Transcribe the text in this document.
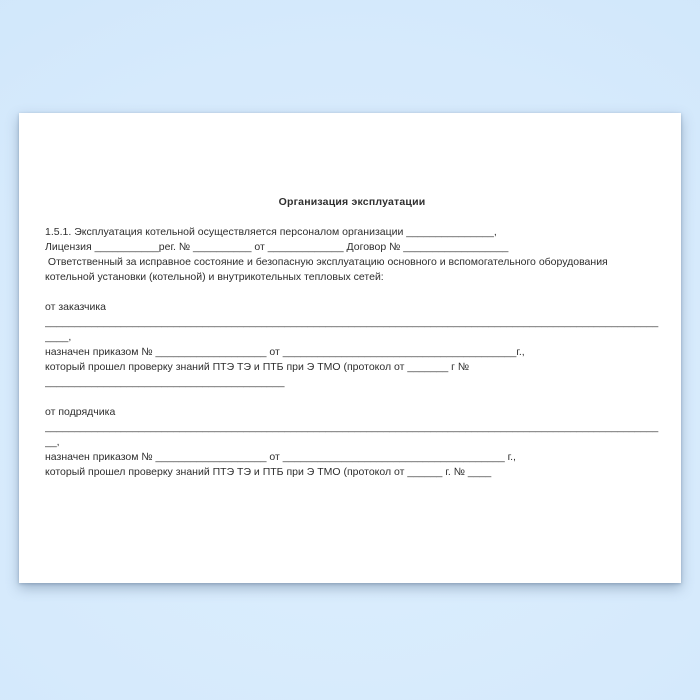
Организация эксплуатации
1.5.1. Эксплуатация котельной осуществляется персоналом организации _______________,
Лицензия ___________рег. № __________ от _____________ Договор № __________________
Ответственный за исправное состояние и безопасную эксплуатацию основного и вспомогательного оборудования
котельной установки (котельной) и внутрикотельных тепловых сетей:
от заказчика
_________________________________________________________________________________________________________
____,
назначен приказом № ___________________ от ________________________________________г.,
который прошел проверку знаний ПТЭ ТЭ и ПТБ при Э ТМО (протокол от _______ г №
_________________________________________
от подрядчика
_________________________________________________________________________________________________________
__,
назначен приказом № ___________________ от ______________________________________ г.,
который прошел проверку знаний ПТЭ ТЭ и ПТБ при Э ТМО (протокол от ______ г. № ____
